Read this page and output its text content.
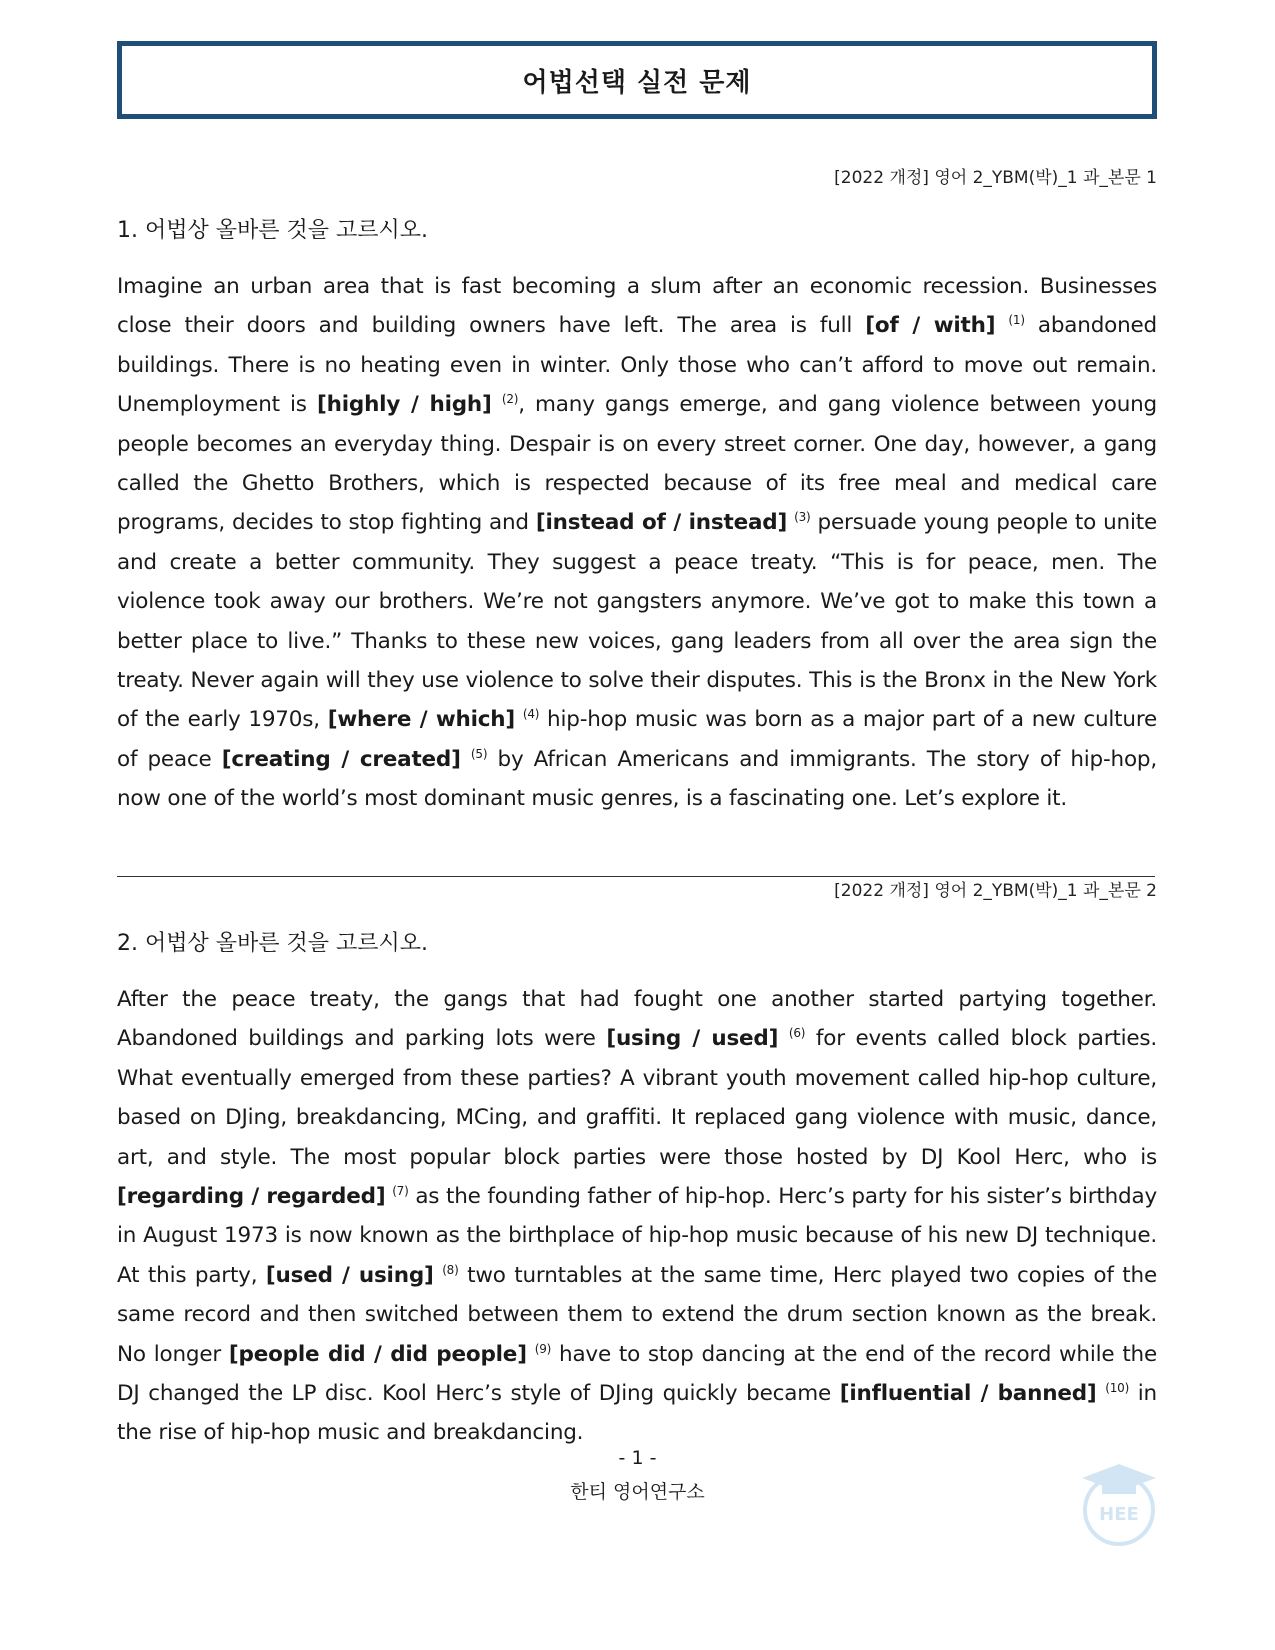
어법선택 실전 문제
[2022 개정] 영어 2_YBM(박)_1 과_본문 1
1. 어법상 올바른 것을 고르시오.

Imagine an urban area that is fast becoming a slum after an economic recession. Businesses close their doors and building owners have left. The area is full [of / with] $^{(1)}$ abandoned buildings. There is no heating even in winter. Only those who can’t afford to move out remain. Unemployment is [highly / high] $^{(2)}$, many gangs emerge, and gang violence between young people becomes an everyday thing. Despair is on every street corner. One day, however, a gang called the Ghetto Brothers, which is respected because of its free meal and medical care programs, decides to stop fighting and [instead of / instead] $^{(3)}$ persuade young people to unite and create a better community. They suggest a peace treaty. “This is for peace, men. The violence took away our brothers. We’re not gangsters anymore. We’ve got to make this town a better place to live.” Thanks to these new voices, gang leaders from all over the area sign the treaty. Never again will they use violence to solve their disputes. This is the Bronx in the New York of the early 1970s, [where / which] $^{(4)}$ hip-hop music was born as a major part of a new culture of peace [creating / created] $^{(5)}$ by African Americans and immigrants. The story of hip-hop, now one of the world’s most dominant music genres, is a fascinating one. Let’s explore it.

[2022 개정] 영어 2_YBM(박)_1 과_본문 2
2. 어법상 올바른 것을 고르시오.

After the peace treaty, the gangs that had fought one another started partying together. Abandoned buildings and parking lots were [using / used] $^{(6)}$ for events called block parties. What eventually emerged from these parties? A vibrant youth movement called hip-hop culture, based on DJing, breakdancing, MCing, and graffiti. It replaced gang violence with music, dance, art, and style. The most popular block parties were those hosted by DJ Kool Herc, who is [regarding / regarded] $^{(7)}$ as the founding father of hip-hop. Herc’s party for his sister’s birthday in August 1973 is now known as the birthplace of hip-hop music because of his new DJ technique. At this party, [used / using] $^{(8)}$ two turntables at the same time, Herc played two copies of the same record and then switched between them to extend the drum section known as the break. No longer [people did / did people] $^{(9)}$ have to stop dancing at the end of the record while the DJ changed the LP disc. Kool Herc’s style of DJing quickly became [influential / banned] $^{(10)}$ in the rise of hip-hop music and breakdancing.

HEE
- 1 -
한티 영어연구소
